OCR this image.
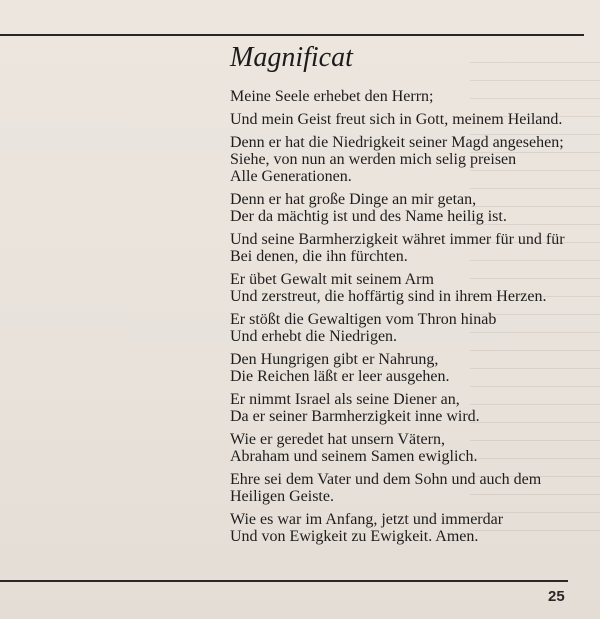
Magnificat
Meine Seele erhebet den Herrn;
Und mein Geist freut sich in Gott, meinem Heiland.
Denn er hat die Niedrigkeit seiner Magd angesehen;
Siehe, von nun an werden mich selig preisen
Alle Generationen.
Denn er hat große Dinge an mir getan,
Der da mächtig ist und des Name heilig ist.
Und seine Barmherzigkeit währet immer für und für
Bei denen, die ihn fürchten.
Er übet Gewalt mit seinem Arm
Und zerstreut, die hoffärtig sind in ihrem Herzen.
Er stößt die Gewaltigen vom Thron hinab
Und erhebt die Niedrigen.
Den Hungrigen gibt er Nahrung,
Die Reichen läßt er leer ausgehen.
Er nimmt Israel als seine Diener an,
Da er seiner Barmherzigkeit inne wird.
Wie er geredet hat unsern Vätern,
Abraham und seinem Samen ewiglich.
Ehre sei dem Vater und dem Sohn und auch dem
Heiligen Geiste.
Wie es war im Anfang, jetzt und immerdar
Und von Ewigkeit zu Ewigkeit. Amen.
25
